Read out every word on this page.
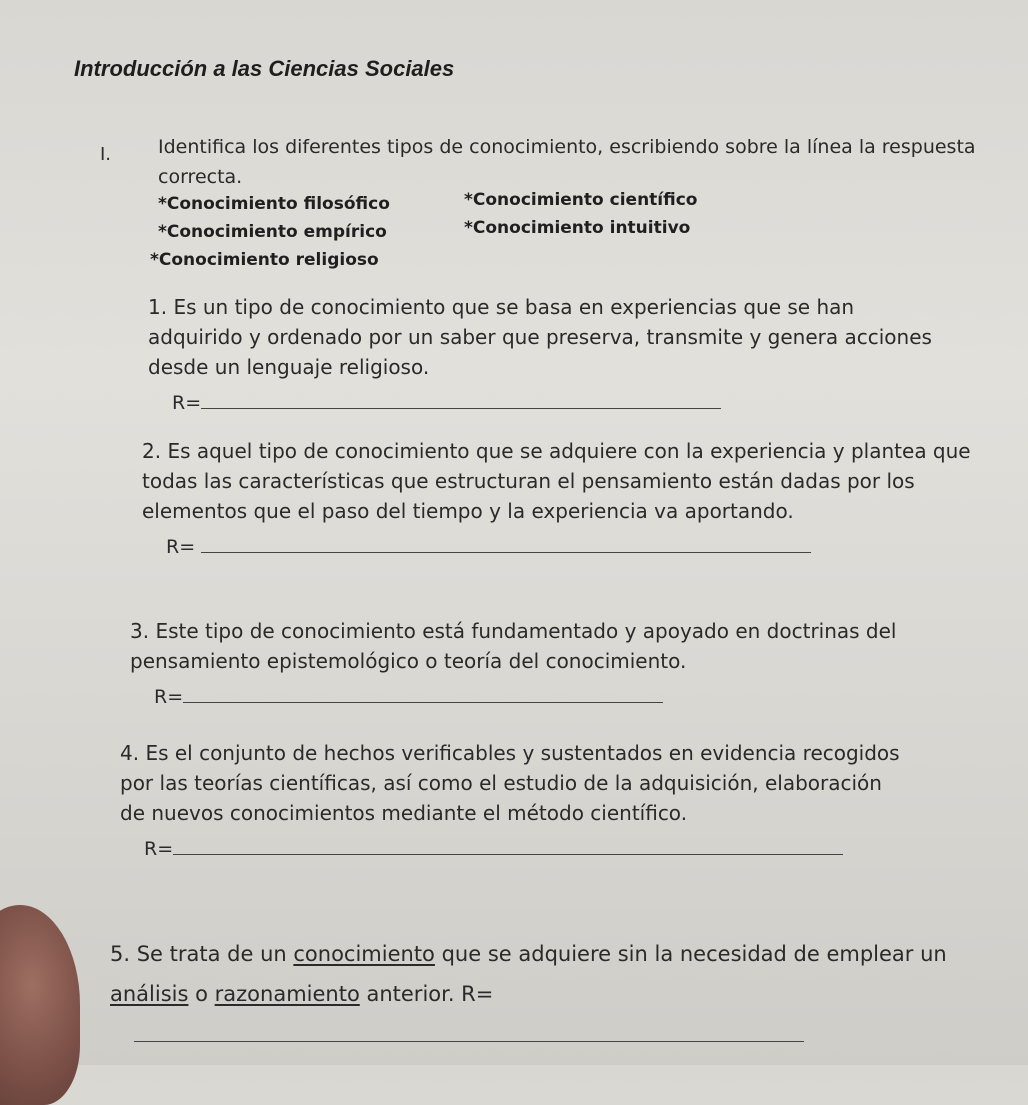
Introducción a las Ciencias Sociales
I. Identifica los diferentes tipos de conocimiento, escribiendo sobre la línea la respuesta correcta.
*Conocimiento filosófico	*Conocimiento científico
*Conocimiento empírico	*Conocimiento intuitivo
*Conocimiento religioso
1. Es un tipo de conocimiento que se basa en experiencias que se han adquirido y ordenado por un saber que preserva, transmite y genera acciones desde un lenguaje religioso.
R=
2. Es aquel tipo de conocimiento que se adquiere con la experiencia y plantea que todas las características que estructuran el pensamiento están dadas por los elementos que el paso del tiempo y la experiencia va aportando.
R=
3. Este tipo de conocimiento está fundamentado y apoyado en doctrinas del pensamiento epistemológico o teoría del conocimiento.
R=
4. Es el conjunto de hechos verificables y sustentados en evidencia recogidos por las teorías científicas, así como el estudio de la adquisición, elaboración de nuevos conocimientos mediante el método científico.
R=
5. Se trata de un conocimiento que se adquiere sin la necesidad de emplear un análisis o razonamiento anterior. R=
